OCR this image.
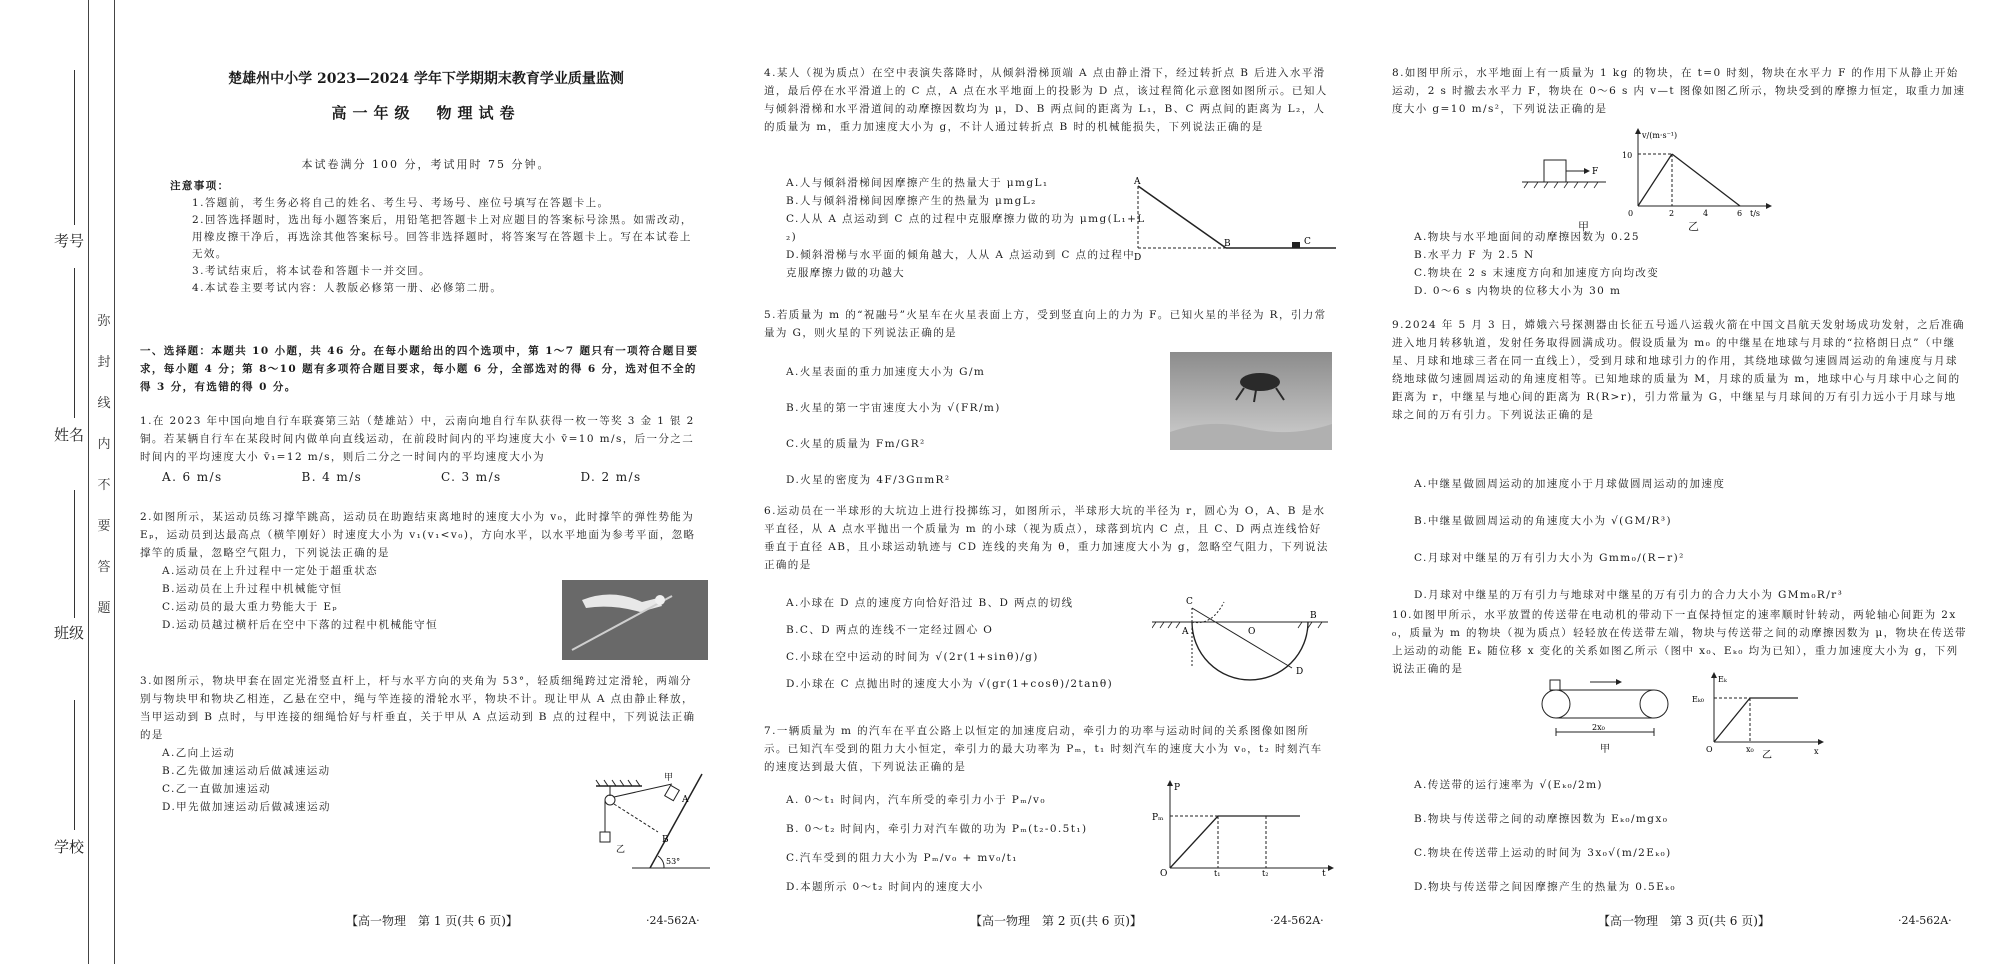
学校
班级
姓名
考号
弥
封
线
内
不
要
答
题
楚雄州中小学 2023—2024 学年下学期期末教育学业质量监测
高一年级　物理试卷
本试卷满分 100 分，考试用时 75 分钟。

注意事项：

1.答题前，考生务必将自己的姓名、考生号、考场号、座位号填写在答题卡上。

2.回答选择题时，选出每小题答案后，用铅笔把答题卡上对应题目的答案标号涂黑。如需改动，用橡皮擦干净后，再选涂其他答案标号。回答非选择题时，将答案写在答题卡上。写在本试卷上无效。

3.考试结束后，将本试卷和答题卡一并交回。

4.本试卷主要考试内容：人教版必修第一册、必修第二册。

一、选择题：本题共 10 小题，共 46 分。在每小题给出的四个选项中，第 1～7 题只有一项符合题目要求，每小题 4 分；第 8～10 题有多项符合题目要求，每小题 6 分，全部选对的得 6 分，选对但不全的得 3 分，有选错的得 0 分。

1.在 2023 年中国向地自行车联赛第三站（楚雄站）中，云南向地自行车队获得一枚一等奖 3 金 1 银 2 铜。若某辆自行车在某段时间内做单向直线运动，在前段时间内的平均速度大小 v̄=10 m/s，后一分之二时间内的平均速度大小 v̄₁=12 m/s，则后二分之一时间内的平均速度大小为

A. 6 m/s	B. 4 m/s	C. 3 m/s	D. 2 m/s

2.如图所示，某运动员练习撑竿跳高，运动员在助跑结束离地时的速度大小为 v₀，此时撑竿的弹性势能为 Eₚ，运动员到达最高点（横竿刚好）时速度大小为 v₁(v₁<v₀)，方向水平，以水平地面为参考平面，忽略撑竿的质量，忽略空气阻力，下列说法正确的是

A.运动员在上升过程中一定处于超重状态

B.运动员在上升过程中机械能守恒

C.运动员的最大重力势能大于 Eₚ

D.运动员越过横杆后在空中下落的过程中机械能守恒

3.如图所示，物块甲套在固定光滑竖直杆上，杆与水平方向的夹角为 53°，轻质细绳跨过定滑轮，两端分别与物块甲和物块乙相连，乙悬在空中，绳与竿连接的滑轮水平，物块不计。现让甲从 A 点由静止释放，当甲运动到 B 点时，与甲连接的细绳恰好与杆垂直，关于甲从 A 点运动到 B 点的过程中，下列说法正确的是

A.乙向上运动

B.乙先做加速运动后做减速运动

C.乙一直做加速运动

D.甲先做加速运动后做减速运动

甲
乙
A
B
53°
【高一物理　第 1 页(共 6 页)】	·24-562A·

4.某人（视为质点）在空中表演失落降时，从倾斜滑梯顶端 A 点由静止滑下，经过转折点 B 后进入水平滑道，最后停在水平滑道上的 C 点，A 点在水平地面上的投影为 D 点，该过程简化示意图如图所示。已知人与倾斜滑梯和水平滑道间的动摩擦因数均为 μ，D、B 两点间的距离为 L₁，B、C 两点间的距离为 L₂，人的质量为 m，重力加速度大小为 g，不计人通过转折点 B 时的机械能损失，下列说法正确的是

A.人与倾斜滑梯间因摩擦产生的热量大于 μmgL₁

B.人与倾斜滑梯间因摩擦产生的热量为 μmgL₂

C.人从 A 点运动到 C 点的过程中克服摩擦力做的功为 μmg(L₁+L₂)

D.倾斜滑梯与水平面的倾角越大，人从 A 点运动到 C 点的过程中克服摩擦力做的功越大

A
B	C
D

5.若质量为 m 的“祝融号”火星车在火星表面上方，受到竖直向上的力为 F。已知火星的半径为 R，引力常量为 G，则火星的下列说法正确的是

A.火星表面的重力加速度大小为 G/m

B.火星的第一宇宙速度大小为 √(FR/m)

C.火星的质量为 Fm/GR²

D.火星的密度为 4F/3GπmR²

6.运动员在一半球形的大坑边上进行投掷练习，如图所示，半球形大坑的半径为 r，圆心为 O，A、B 是水平直径，从 A 点水平抛出一个质量为 m 的小球（视为质点），球落到坑内 C 点，且 C、D 两点连线恰好垂直于直径 AB，且小球运动轨迹与 CD 连线的夹角为 θ，重力加速度大小为 g，忽略空气阻力，下列说法正确的是

A.小球在 D 点的速度方向恰好沿过 B、D 两点的切线

B.C、D 两点的连线不一定经过圆心 O

C.小球在空中运动的时间为 √(2r(1+sinθ)/g)

D.小球在 C 点抛出时的速度大小为 √(gr(1+cosθ)/2tanθ)

C
A	O
B
D

7.一辆质量为 m 的汽车在平直公路上以恒定的加速度启动，牵引力的功率与运动时间的关系图像如图所示。已知汽车受到的阻力大小恒定，牵引力的最大功率为 Pₘ，t₁ 时刻汽车的速度大小为 v₀，t₂ 时刻汽车的速度达到最大值，下列说法正确的是

A. 0～t₁ 时间内，汽车所受的牵引力小于 Pₘ/v₀

B. 0～t₂ 时间内，牵引力对汽车做的功为 Pₘ(t₂-0.5t₁)

C.汽车受到的阻力大小为 Pₘ/v₀ + mv₀/t₁

D.本题所示 0～t₂ 时间内的速度大小

P
Pₘ
O	t₁	t₂	t
【高一物理　第 2 页(共 6 页)】	·24-562A·

8.如图甲所示，水平地面上有一质量为 1 kg 的物块，在 t=0 时刻，物块在水平力 F 的作用下从静止开始运动，2 s 时撤去水平力 F，物块在 0～6 s 内 v—t 图像如图乙所示，物块受到的摩擦力恒定，取重力加速度大小 g=10 m/s²，下列说法正确的是

F
甲
v/(m·s⁻¹)
10
0	2	4	6 t/s
乙

A.物块与水平地面间的动摩擦因数为 0.25

B.水平力 F 为 2.5 N

C.物块在 2 s 末速度方向和加速度方向均改变

D. 0～6 s 内物块的位移大小为 30 m

9.2024 年 5 月 3 日，嫦娥六号探测器由长征五号遥八运载火箭在中国文昌航天发射场成功发射，之后准确进入地月转移轨道，发射任务取得圆满成功。假设质量为 m₀ 的中继星在地球与月球的“拉格朗日点”（中继星、月球和地球三者在同一直线上），受到月球和地球引力的作用，其绕地球做匀速圆周运动的角速度与月球绕地球做匀速圆周运动的角速度相等。已知地球的质量为 M，月球的质量为 m，地球中心与月球中心之间的距离为 r，中继星与地心间的距离为 R(R>r)，引力常量为 G，中继星与月球间的万有引力远小于月球与地球之间的万有引力。下列说法正确的是

A.中继星做圆周运动的加速度小于月球做圆周运动的加速度

B.中继星做圆周运动的角速度大小为 √(GM/R³)

C.月球对中继星的万有引力大小为 Gmm₀/(R−r)²

D.月球对中继星的万有引力与地球对中继星的万有引力的合力大小为 GMm₀R/r³

10.如图甲所示，水平放置的传送带在电动机的带动下一直保持恒定的速率顺时针转动，两轮轴心间距为 2x₀，质量为 m 的物块（视为质点）轻轻放在传送带左端，物块与传送带之间的动摩擦因数为 μ，物块在传送带上运动的动能 Eₖ 随位移 x 变化的关系如图乙所示（图中 x₀、Eₖ₀ 均为已知），重力加速度大小为 g，下列说法正确的是

2x₀
甲
Eₖ
Eₖ₀
O	x₀	x
乙

A.传送带的运行速率为 √(Eₖ₀/2m)

B.物块与传送带之间的动摩擦因数为 Eₖ₀/mgx₀

C.物块在传送带上运动的时间为 3x₀√(m/2Eₖ₀)

D.物块与传送带之间因摩擦产生的热量为 0.5Eₖ₀

【高一物理　第 3 页(共 6 页)】	·24-562A·
